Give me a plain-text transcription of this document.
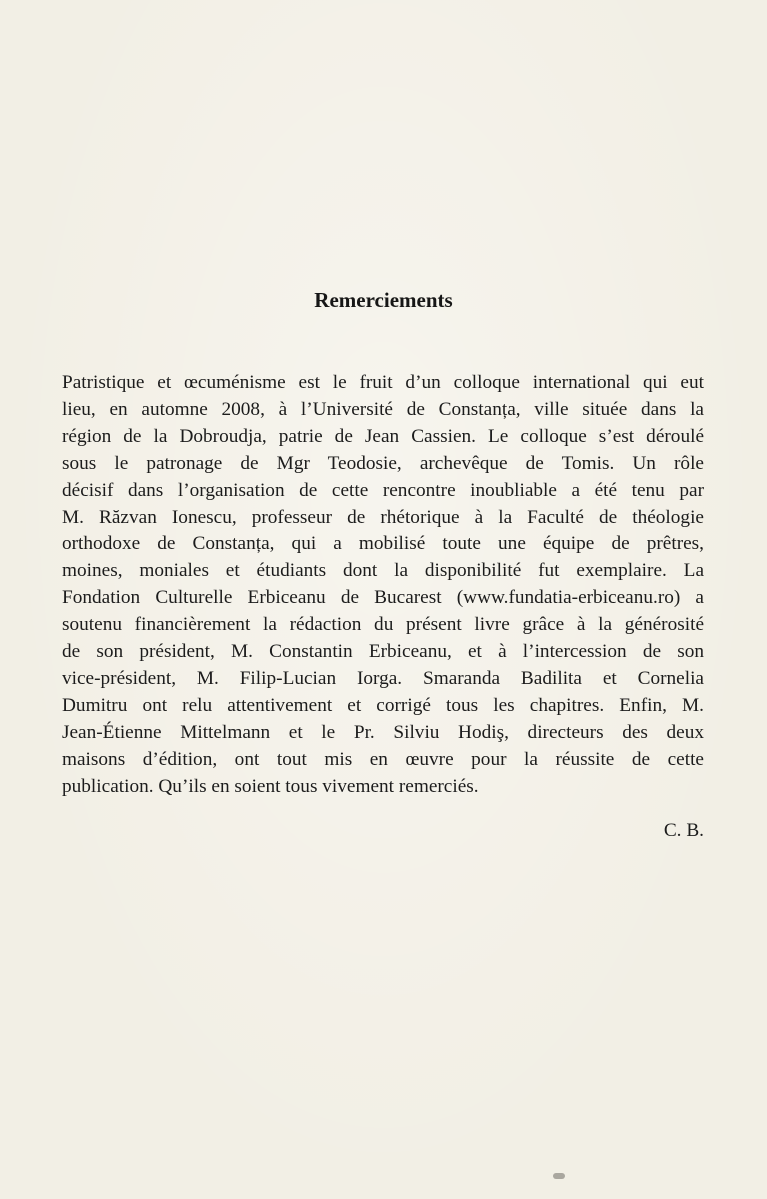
Remerciements
Patristique et œcuménisme est le fruit d’un colloque international qui eut
lieu, en automne 2008, à l’Université de Constanța, ville située dans la
région de la Dobroudja, patrie de Jean Cassien. Le colloque s’est déroulé
sous le patronage de Mgr Teodosie, archevêque de Tomis. Un rôle
décisif dans l’organisation de cette rencontre inoubliable a été tenu par
M. Răzvan Ionescu, professeur de rhétorique à la Faculté de théologie
orthodoxe de Constanța, qui a mobilisé toute une équipe de prêtres,
moines, moniales et étudiants dont la disponibilité fut exemplaire. La
Fondation Culturelle Erbiceanu de Bucarest (www.fundatia-erbiceanu.ro) a
soutenu financièrement la rédaction du présent livre grâce à la générosité
de son président, M. Constantin Erbiceanu, et à l’intercession de son
vice-président, M. Filip-Lucian Iorga. Smaranda Badilita et Cornelia
Dumitru ont relu attentivement et corrigé tous les chapitres. Enfin, M.
Jean-Étienne Mittelmann et le Pr. Silviu Hodiş, directeurs des deux
maisons d’édition, ont tout mis en œuvre pour la réussite de cette
publication. Qu’ils en soient tous vivement remerciés.
C. B.
